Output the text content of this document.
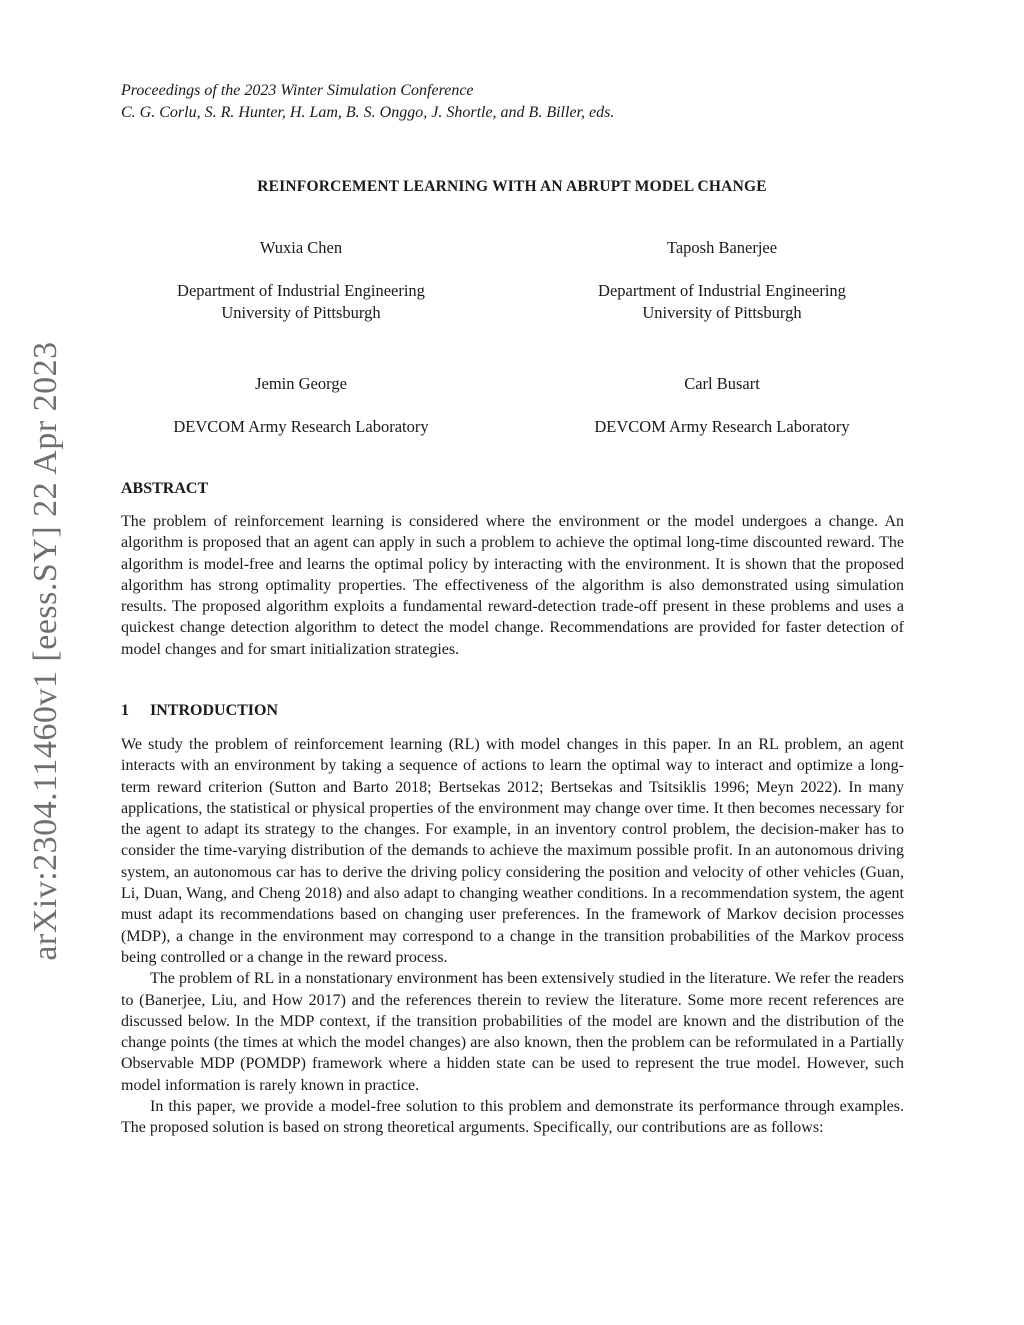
arXiv:2304.11460v1 [eess.SY] 22 Apr 2023
Proceedings of the 2023 Winter Simulation Conference
C. G. Corlu, S. R. Hunter, H. Lam, B. S. Onggo, J. Shortle, and B. Biller, eds.
REINFORCEMENT LEARNING WITH AN ABRUPT MODEL CHANGE
Wuxia Chen
Department of Industrial Engineering
University of Pittsburgh
Taposh Banerjee
Department of Industrial Engineering
University of Pittsburgh
Jemin George
DEVCOM Army Research Laboratory
Carl Busart
DEVCOM Army Research Laboratory
ABSTRACT

The problem of reinforcement learning is considered where the environment or the model undergoes a change. An algorithm is proposed that an agent can apply in such a problem to achieve the optimal long-time discounted reward. The algorithm is model-free and learns the optimal policy by interacting with the environment. It is shown that the proposed algorithm has strong optimality properties. The effectiveness of the algorithm is also demonstrated using simulation results. The proposed algorithm exploits a fundamental reward-detection trade-off present in these problems and uses a quickest change detection algorithm to detect the model change. Recommendations are provided for faster detection of model changes and for smart initialization strategies.

1 INTRODUCTION

We study the problem of reinforcement learning (RL) with model changes in this paper. In an RL problem, an agent interacts with an environment by taking a sequence of actions to learn the optimal way to interact and optimize a long-term reward criterion (Sutton and Barto 2018; Bertsekas 2012; Bertsekas and Tsitsiklis 1996; Meyn 2022). In many applications, the statistical or physical properties of the environment may change over time. It then becomes necessary for the agent to adapt its strategy to the changes. For example, in an inventory control problem, the decision-maker has to consider the time-varying distribution of the demands to achieve the maximum possible profit. In an autonomous driving system, an autonomous car has to derive the driving policy considering the position and velocity of other vehicles (Guan, Li, Duan, Wang, and Cheng 2018) and also adapt to changing weather conditions. In a recommendation system, the agent must adapt its recommendations based on changing user preferences. In the framework of Markov decision processes (MDP), a change in the environment may correspond to a change in the transition probabilities of the Markov process being controlled or a change in the reward process.

The problem of RL in a nonstationary environment has been extensively studied in the literature. We refer the readers to (Banerjee, Liu, and How 2017) and the references therein to review the literature. Some more recent references are discussed below. In the MDP context, if the transition probabilities of the model are known and the distribution of the change points (the times at which the model changes) are also known, then the problem can be reformulated in a Partially Observable MDP (POMDP) framework where a hidden state can be used to represent the true model. However, such model information is rarely known in practice.

In this paper, we provide a model-free solution to this problem and demonstrate its performance through examples. The proposed solution is based on strong theoretical arguments. Specifically, our contributions are as follows:
